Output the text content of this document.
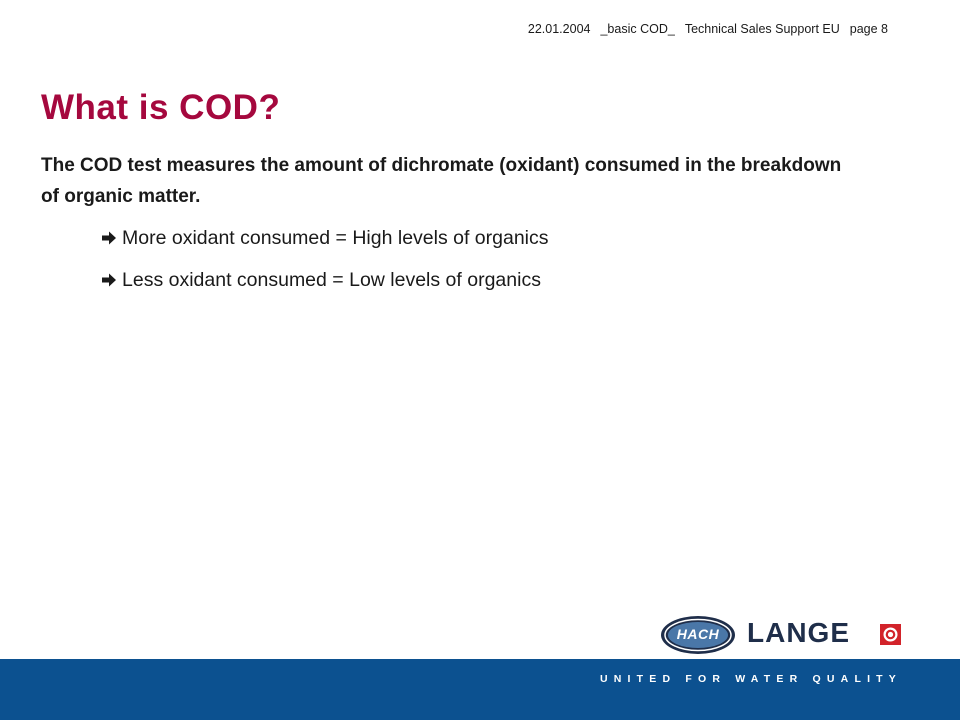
22.01.2004 _basic COD_ Technical Sales Support EU page 8
What is COD?

The COD test measures the amount of dichromate (oxidant) consumed in the breakdown of organic matter.

More oxidant consumed = High levels of organics
Less oxidant consumed = Low levels of organics
HACH LANGE
UNITED FOR WATER QUALITY
